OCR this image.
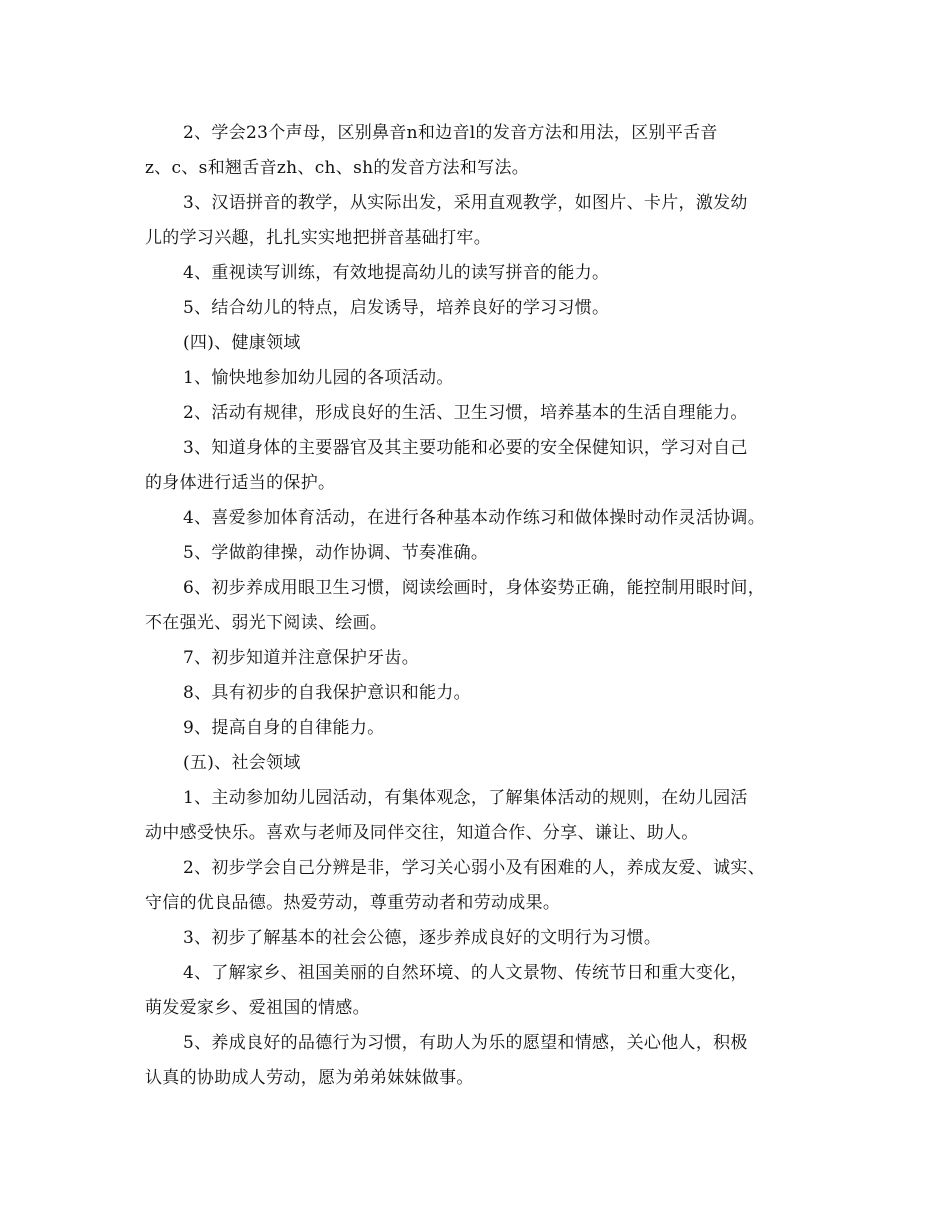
2、学会23个声母，区别鼻音n和边音l的发音方法和用法，区别平舌音
z、c、s和翘舌音zh、ch、sh的发音方法和写法。

3、汉语拼音的教学，从实际出发，采用直观教学，如图片、卡片，激发幼
儿的学习兴趣，扎扎实实地把拼音基础打牢。

4、重视读写训练，有效地提高幼儿的读写拼音的能力。

5、结合幼儿的特点，启发诱导，培养良好的学习习惯。

(四)、健康领域

1、愉快地参加幼儿园的各项活动。

2、活动有规律，形成良好的生活、卫生习惯，培养基本的生活自理能力。

3、知道身体的主要器官及其主要功能和必要的安全保健知识，学习对自己
的身体进行适当的保护。

4、喜爱参加体育活动，在进行各种基本动作练习和做体操时动作灵活协调。

5、学做韵律操，动作协调、节奏准确。

6、初步养成用眼卫生习惯，阅读绘画时，身体姿势正确，能控制用眼时间，
不在强光、弱光下阅读、绘画。

7、初步知道并注意保护牙齿。

8、具有初步的自我保护意识和能力。

9、提高自身的自律能力。

(五)、社会领域

1、主动参加幼儿园活动，有集体观念，了解集体活动的规则，在幼儿园活
动中感受快乐。喜欢与老师及同伴交往，知道合作、分享、谦让、助人。

2、初步学会自己分辨是非，学习关心弱小及有困难的人，养成友爱、诚实、
守信的优良品德。热爱劳动，尊重劳动者和劳动成果。

3、初步了解基本的社会公德，逐步养成良好的文明行为习惯。

4、了解家乡、祖国美丽的自然环境、的人文景物、传统节日和重大变化，
萌发爱家乡、爱祖国的情感。

5、养成良好的品德行为习惯，有助人为乐的愿望和情感，关心他人，积极
认真的协助成人劳动，愿为弟弟妹妹做事。
